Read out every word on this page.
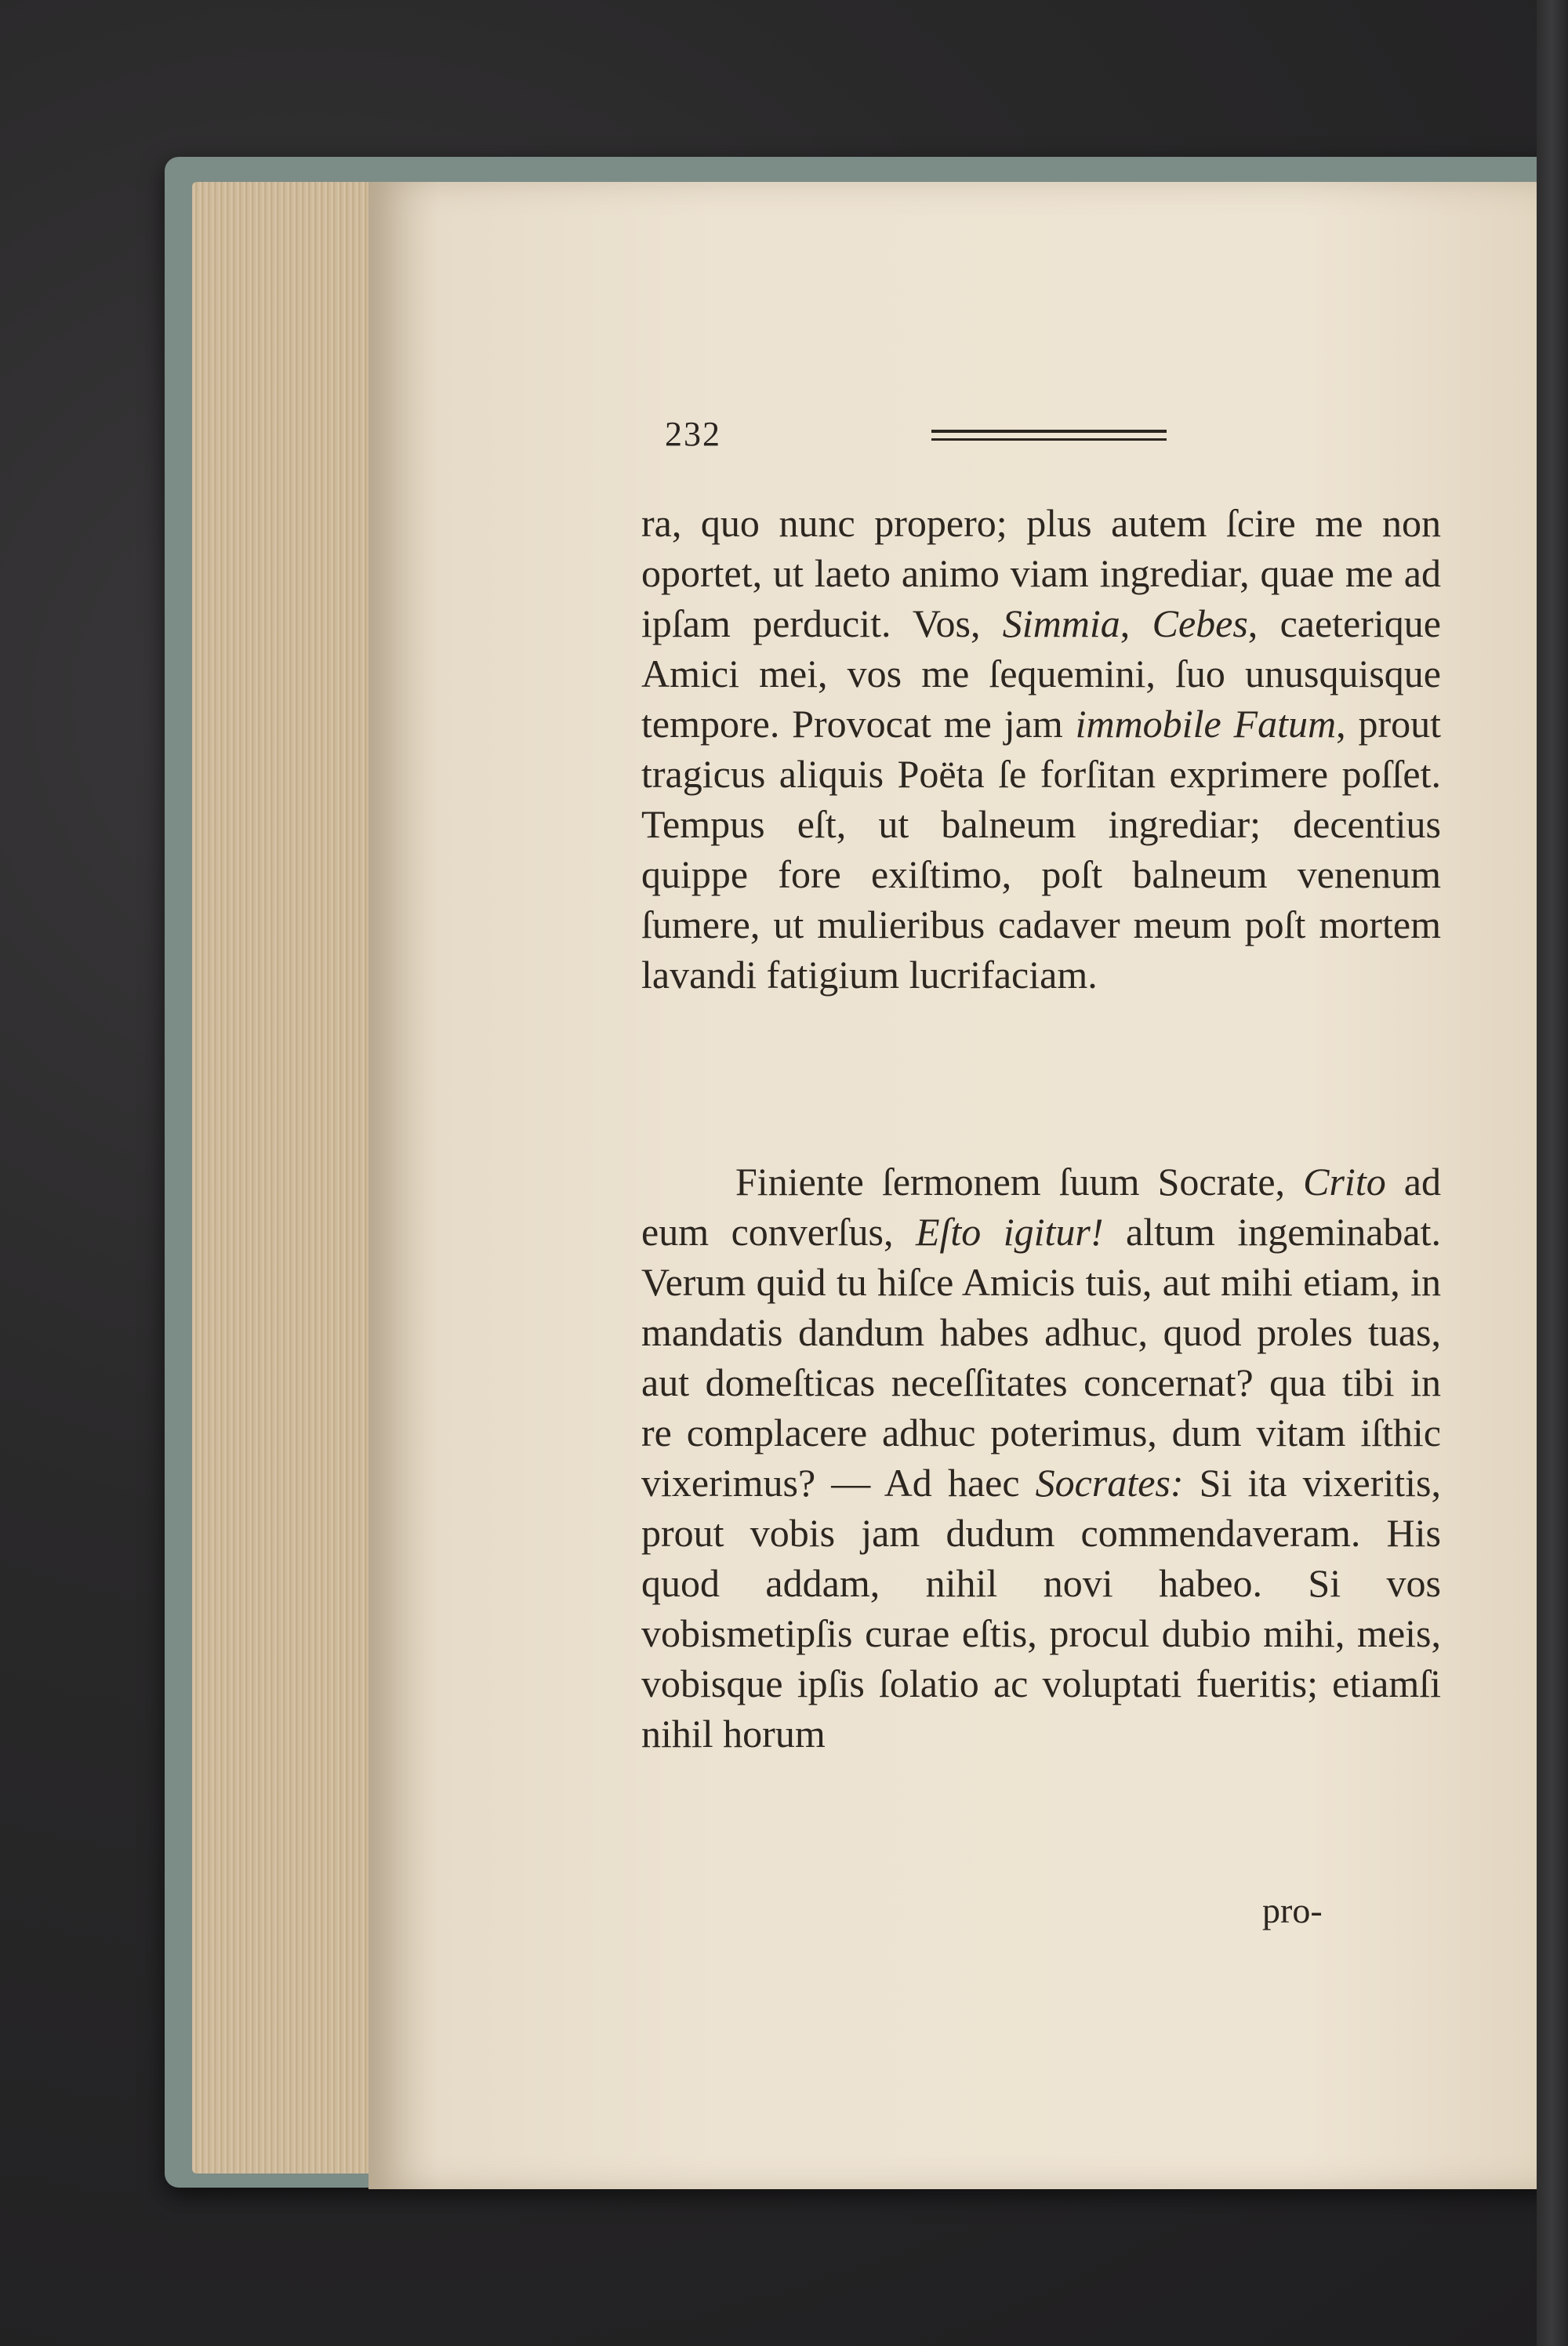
232
ra, quo nunc propero; plus autem ſcire me non oportet, ut laeto animo viam ingrediar, quae me ad ipſam perducit. Vos, Simmia, Cebes, caeterique Amici mei, vos me ſequemini, ſuo unusquisque tempore. Provocat me jam immobile Fatum, prout tragicus aliquis Poëta ſe forſitan exprimere poſſet. Tempus eſt, ut balneum ingrediar; decentius quippe fore exiſtimo, poſt balneum venenum ſumere, ut mulieribus cadaver meum poſt mortem lavandi fatigium lucrifaciam.
Finiente ſermonem ſuum Socrate, Crito ad eum converſus, Eſto igitur! altum ingeminabat. Verum quid tu hiſce Amicis tuis, aut mihi etiam, in mandatis dandum habes adhuc, quod proles tuas, aut domeſticas neceſſitates concernat? qua tibi in re complacere adhuc poterimus, dum vitam iſthic vixerimus? — Ad haec Socrates: Si ita vixeritis, prout vobis jam dudum commendaveram. His quod addam, nihil novi habeo. Si vos vobismetipſis curae eſtis, procul dubio mihi, meis, vobisque ipſis ſolatio ac voluptati fueritis; etiamſi nihil horum
pro-
